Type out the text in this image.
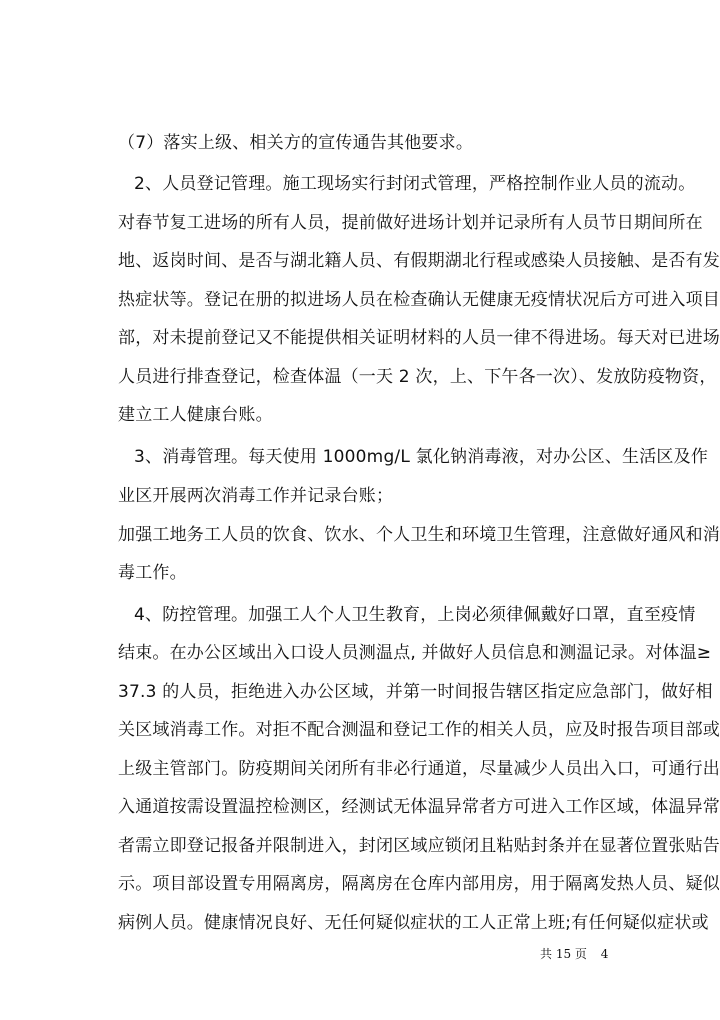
（7）落实上级、相关方的宣传通告其他要求。
2、人员登记管理。施工现场实行封闭式管理，严格控制作业人员的流动。
对春节复工进场的所有人员，提前做好进场计划并记录所有人员节日期间所在
地、返岗时间、是否与湖北籍人员、有假期湖北行程或感染人员接触、是否有发
热症状等。登记在册的拟进场人员在检查确认无健康无疫情状况后方可进入项目
部，对未提前登记又不能提供相关证明材料的人员一律不得进场。每天对已进场
人员进行排查登记，检查体温（一天 2 次，上、下午各一次）、发放防疫物资，
建立工人健康台账。
3、消毒管理。每天使用 1000mg/L 氯化钠消毒液，对办公区、生活区及作
业区开展两次消毒工作并记录台账；
加强工地务工人员的饮食、饮水、个人卫生和环境卫生管理，注意做好通风和消
毒工作。
4、防控管理。加强工人个人卫生教育，上岗必须律佩戴好口罩，直至疫情
结束。在办公区域出入口设人员测温点, 并做好人员信息和测温记录。对体温≥
37.3 的人员，拒绝进入办公区域，并第一时间报告辖区指定应急部门，做好相
关区域消毒工作。对拒不配合测温和登记工作的相关人员，应及时报告项目部或
上级主管部门。防疫期间关闭所有非必行通道，尽量减少人员出入口，可通行出
入通道按需设置温控检测区，经测试无体温异常者方可进入工作区域，体温异常
者需立即登记报备并限制进入，封闭区域应锁闭且粘贴封条并在显著位置张贴告
示。项目部设置专用隔离房，隔离房在仓库内部用房，用于隔离发热人员、疑似
病例人员。健康情况良好、无任何疑似症状的工人正常上班;有任何疑似症状或
共 15 页 4
